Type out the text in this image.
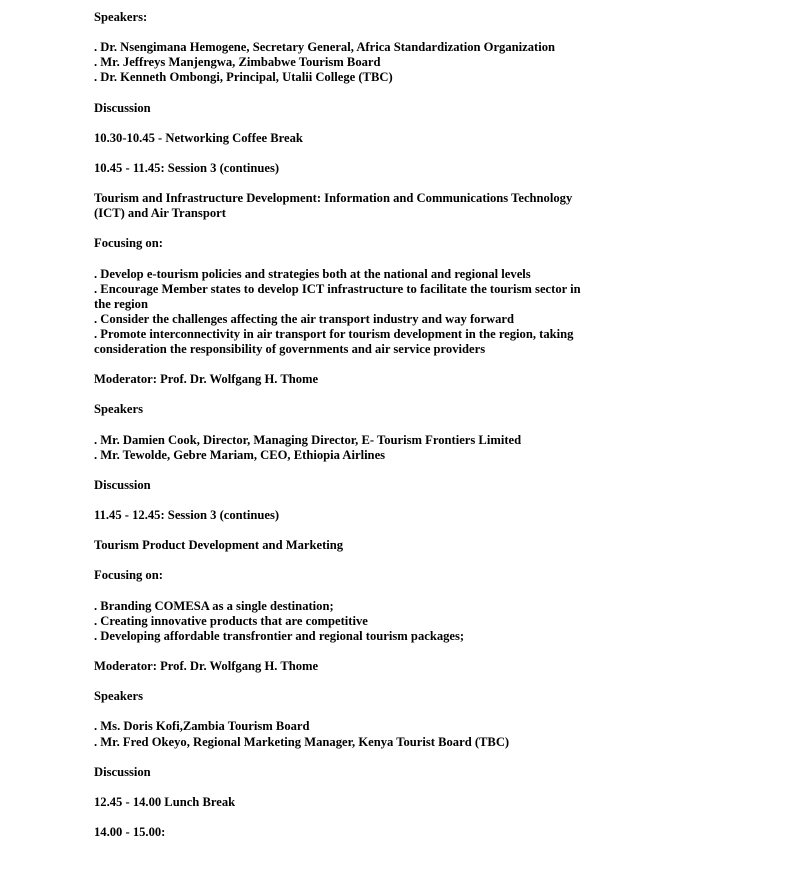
Speakers:
. Dr. Nsengimana Hemogene, Secretary General, Africa Standardization Organization
. Mr. Jeffreys Manjengwa, Zimbabwe Tourism Board
. Dr. Kenneth Ombongi, Principal, Utalii College (TBC)
Discussion
10.30-10.45 - Networking Coffee Break
10.45 - 11.45: Session 3 (continues)
Tourism and Infrastructure Development: Information and Communications Technology
(ICT) and Air Transport
Focusing on:
. Develop e-tourism policies and strategies both at the national and regional levels
. Encourage Member states to develop ICT infrastructure to facilitate the tourism sector in
the region
. Consider the challenges affecting the air transport industry and way forward
. Promote interconnectivity in air transport for tourism development in the region, taking
consideration the responsibility of governments and air service providers
Moderator: Prof. Dr. Wolfgang H. Thome
Speakers
. Mr. Damien Cook, Director, Managing Director, E- Tourism Frontiers Limited
. Mr. Tewolde, Gebre Mariam, CEO, Ethiopia Airlines
Discussion
11.45 - 12.45: Session 3 (continues)
Tourism Product Development and Marketing
Focusing on:
. Branding COMESA as a single destination;
. Creating innovative products that are competitive
. Developing affordable transfrontier and regional tourism packages;
Moderator: Prof. Dr. Wolfgang H. Thome
Speakers
. Ms. Doris Kofi,Zambia Tourism Board
. Mr. Fred Okeyo, Regional Marketing Manager, Kenya Tourist Board (TBC)
Discussion
12.45 - 14.00 Lunch Break
14.00 - 15.00:
